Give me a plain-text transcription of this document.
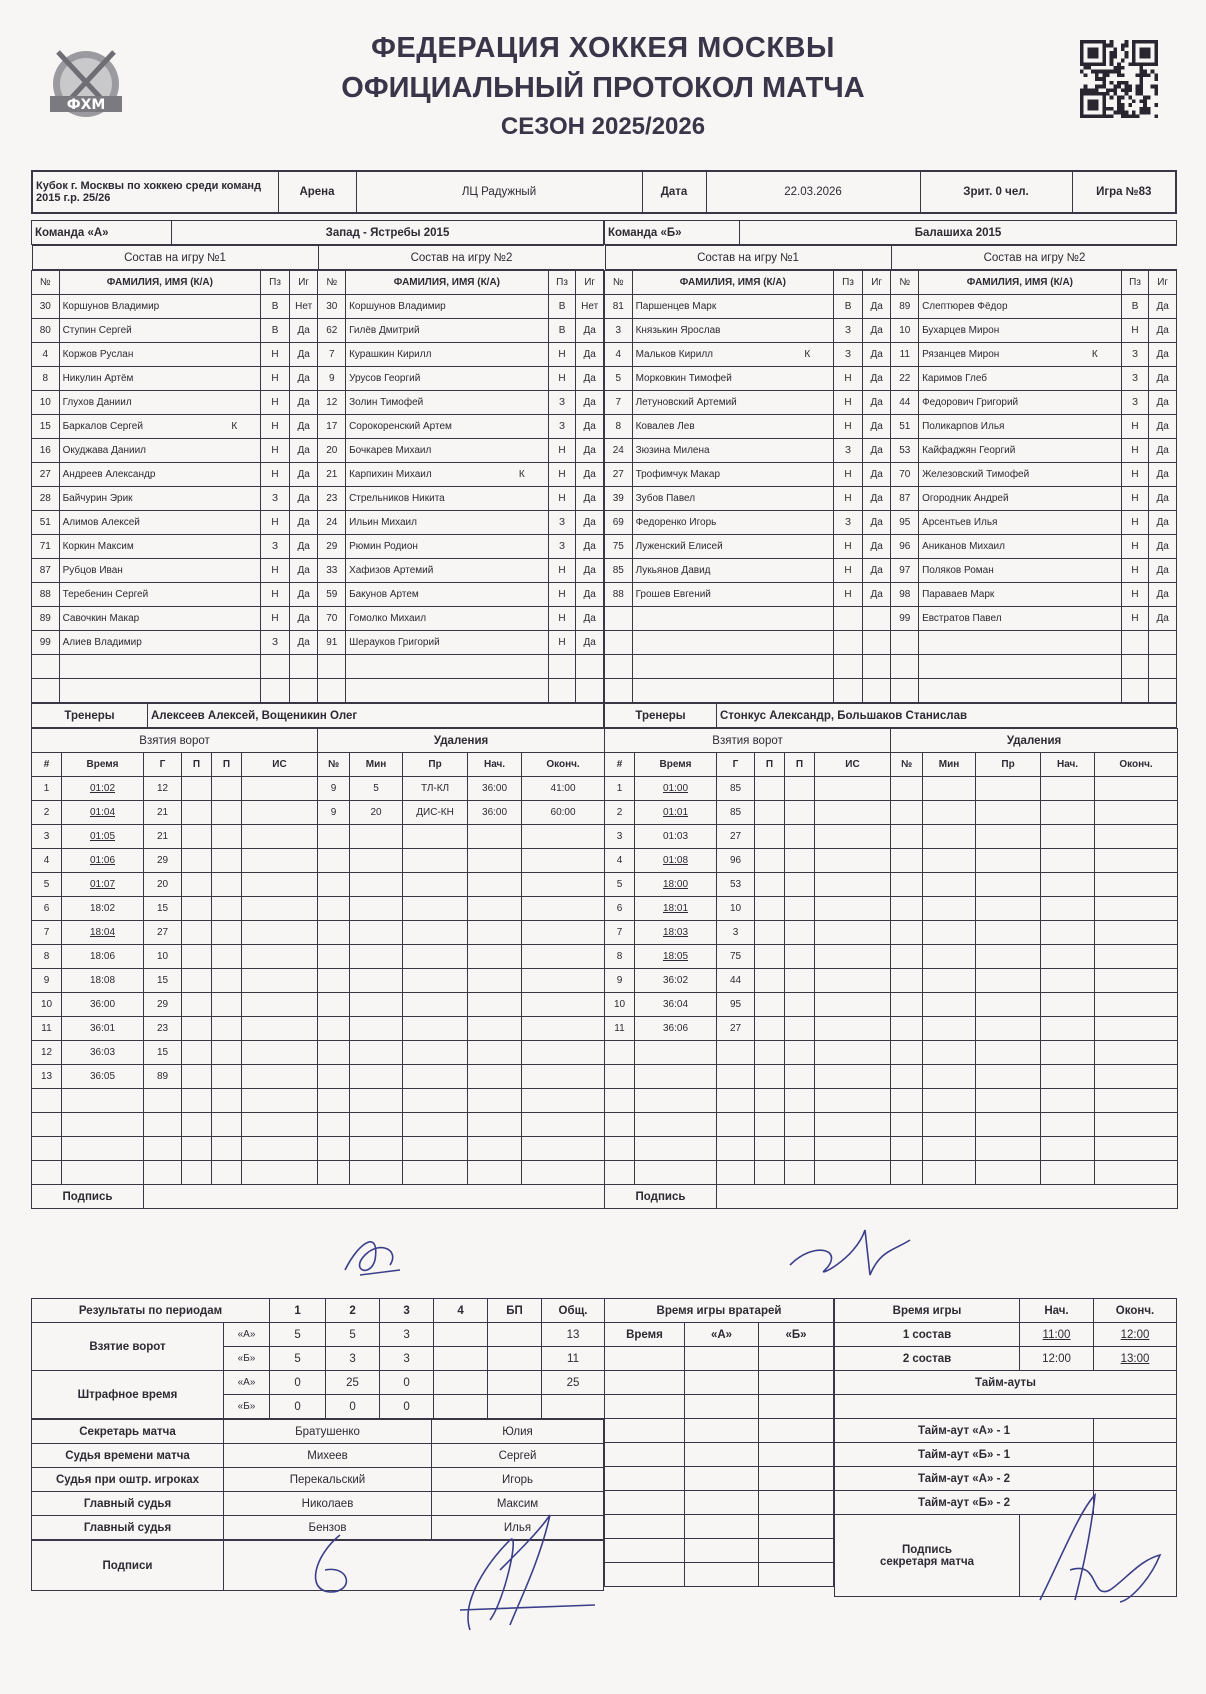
ФХМ
ФЕДЕРАЦИЯ ХОККЕЯ МОСКВЫ
ОФИЦИАЛЬНЫЙ ПРОТОКОЛ МАТЧА
СЕЗОН 2025/2026
Кубок г. Москвы по хоккею среди команд 2015 г.р. 25/26	Арена	ЛЦ Радужный	Дата	22.03.2026	Зрит. 0 чел.	Игра №83
Команда «А»	Запад - Ястребы 2015

Состав на игру №1	Состав на игру №2
№	ФАМИЛИЯ, ИМЯ (К/А)	Пз	Иг	№	ФАМИЛИЯ, ИМЯ (К/А)	Пз	Иг
30	Коршунов Владимир	В	Нет	30	Коршунов Владимир	В	Нет
80	Ступин Сергей	В	Да	62	Гилёв Дмитрий	В	Да
4	Коржов Руслан	Н	Да	7	Курашкин Кирилл	Н	Да
8	Никулин Артём	Н	Да	9	Урусов Георгий	Н	Да
10	Глухов Даниил	Н	Да	12	Золин Тимофей	З	Да
15	Баркалов Сергей К	Н	Да	17	Сорокоренский Артем	З	Да
16	Окуджава Даниил	Н	Да	20	Бочкарев Михаил	Н	Да
27	Андреев Александр	Н	Да	21	Карпихин Михаил К	Н	Да
28	Байчурин Эрик	З	Да	23	Стрельников Никита	Н	Да
51	Алимов Алексей	Н	Да	24	Ильин Михаил	З	Да
71	Коркин Максим	З	Да	29	Рюмин Родион	З	Да
87	Рубцов Иван	Н	Да	33	Хафизов Артемий	Н	Да
88	Теребенин Сергей	Н	Да	59	Бакунов Артем	Н	Да
89	Савочкин Макар	Н	Да	70	Гомолко Михаил	Н	Да
99	Алиев Владимир	З	Да	91	Шерауков Григорий	Н	Да

Тренеры	Алексеев Алексей, Вощеникин Олег
Взятия ворот						Удаления				
#	Время	Г	П	П	ИС	№	Мин	Пр	Нач.	Оконч.
1	01:02	12				9	5	ТЛ-КЛ	36:00	41:00
2	01:04	21				9	20	ДИС-КН	36:00	60:00
3	01:05	21								
4	01:06	29								
5	01:07	20								
6	18:02	15								
7	18:04	27								
8	18:06	10								
9	18:08	15								
10	36:00	29								
11	36:01	23								
12	36:03	15								
13	36:05	89								

Подпись										
Команда «Б»	Балашиха 2015

Состав на игру №1	Состав на игру №2
№	ФАМИЛИЯ, ИМЯ (К/А)	Пз	Иг	№	ФАМИЛИЯ, ИМЯ (К/А)	Пз	Иг
81	Паршенцев Марк	В	Да	89	Слептюрев Фёдор	В	Да
3	Князькин Ярослав	З	Да	10	Бухарцев Мирон	Н	Да
4	Мальков Кирилл К	З	Да	11	Рязанцев Мирон К	З	Да
5	Морковкин Тимофей	Н	Да	22	Каримов Глеб	З	Да
7	Летуновский Артемий	Н	Да	44	Федорович Григорий	З	Да
8	Ковалев Лев	Н	Да	51	Поликарпов Илья	Н	Да
24	Зюзина Милена	З	Да	53	Кайфаджян Георгий	Н	Да
27	Трофимчук Макар	Н	Да	70	Железовский Тимофей	Н	Да
39	Зубов Павел	Н	Да	87	Огородник Андрей	Н	Да
69	Федоренко Игорь	З	Да	95	Арсентьев Илья	Н	Да
75	Луженский Елисей	Н	Да	96	Аниканов Михаил	Н	Да
85	Лукьянов Давид	Н	Да	97	Поляков Роман	Н	Да
88	Грошев Евгений	Н	Да	98	Параваев Марк	Н	Да
				99	Евстратов Павел	Н	Да

Тренеры	Стонкус Александр, Большаков Станислав
Взятия ворот						Удаления				
#	Время	Г	П	П	ИС	№	Мин	Пр	Нач.	Оконч.
1	01:00	85								
2	01:01	85								
3	01:03	27								
4	01:08	96								
5	18:00	53								
6	18:01	10								
7	18:03	3								
8	18:05	75								
9	36:02	44								
10	36:04	95								
11	36:06	27								

Подпись										
Результаты по периодам		1	2	3	4	БП	Общ.
Взятие ворот	«А»	5	5	3			13
	«Б»	5	3	3			11
Штрафное время	«А»	0	25	0			25
	«Б»	0	0	0			
Секретарь матча	Братушенко	Юлия
Судья времени матча	Михеев	Сергей
Судья при оштр. игроках	Перекальский	Игорь
Главный судья	Николаев	Максим
Главный судья	Бензов	Илья
Подписи	
Время игры вратарей		
Время	«А»	«Б»

Время игры	Нач.	Оконч.
1 состав	11:00	12:00
2 состав	12:00	13:00
Тайм-ауты		

Тайм-аут «А» - 1		
Тайм-аут «Б» - 1		
Тайм-аут «А» - 2		
Тайм-аут «Б» - 2		

Подпись
секретаря матча		
